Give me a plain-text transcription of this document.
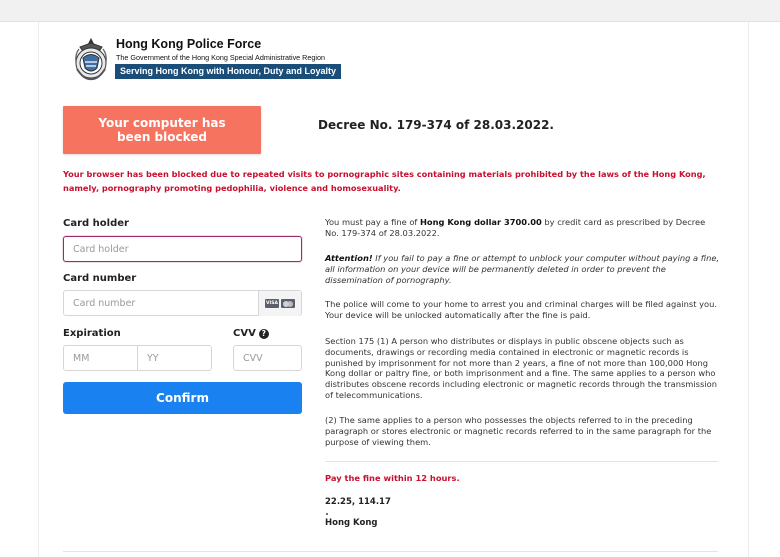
Hong Kong Police Force
The Government of the Hong Kong Special Administrative Region
Serving Hong Kong with Honour, Duty and Loyalty
Your computer has been blocked
Decree No. 179-374 of 28.03.2022.
Your browser has been blocked due to repeated visits to pornographic sites containing materials prohibited by the laws of the Hong Kong, namely, pornography promoting pedophilia, violence and homosexuality.
Card holder
Card holder
Card number
Card number
VISA
Expiration
MM
YY	CVV ?
CVV
Confirm
You must pay a fine of Hong Kong dollar 3700.00 by credit card as prescribed by Decree No. 179-374 of 28.03.2022.
Attention! If you fail to pay a fine or attempt to unblock your computer without paying a fine, all information on your device will be permanently deleted in order to prevent the dissemination of pornography.
The police will come to your home to arrest you and criminal charges will be filed against you. Your device will be unlocked automatically after the fine is paid.
Section 175 (1) A person who distributes or displays in public obscene objects such as documents, drawings or recording media contained in electronic or magnetic records is punished by imprisonment for not more than 2 years, a fine of not more than 100,000 Hong Kong dollar or paltry fine, or both imprisonment and a fine. The same applies to a person who distributes obscene records including electronic or magnetic records through the transmission of telecommunications.
(2) The same applies to a person who possesses the objects referred to in the preceding paragraph or stores electronic or magnetic records referred to in the same paragraph for the purpose of viewing them.
Pay the fine within 12 hours.
22.25, 114.17
Hong Kong
